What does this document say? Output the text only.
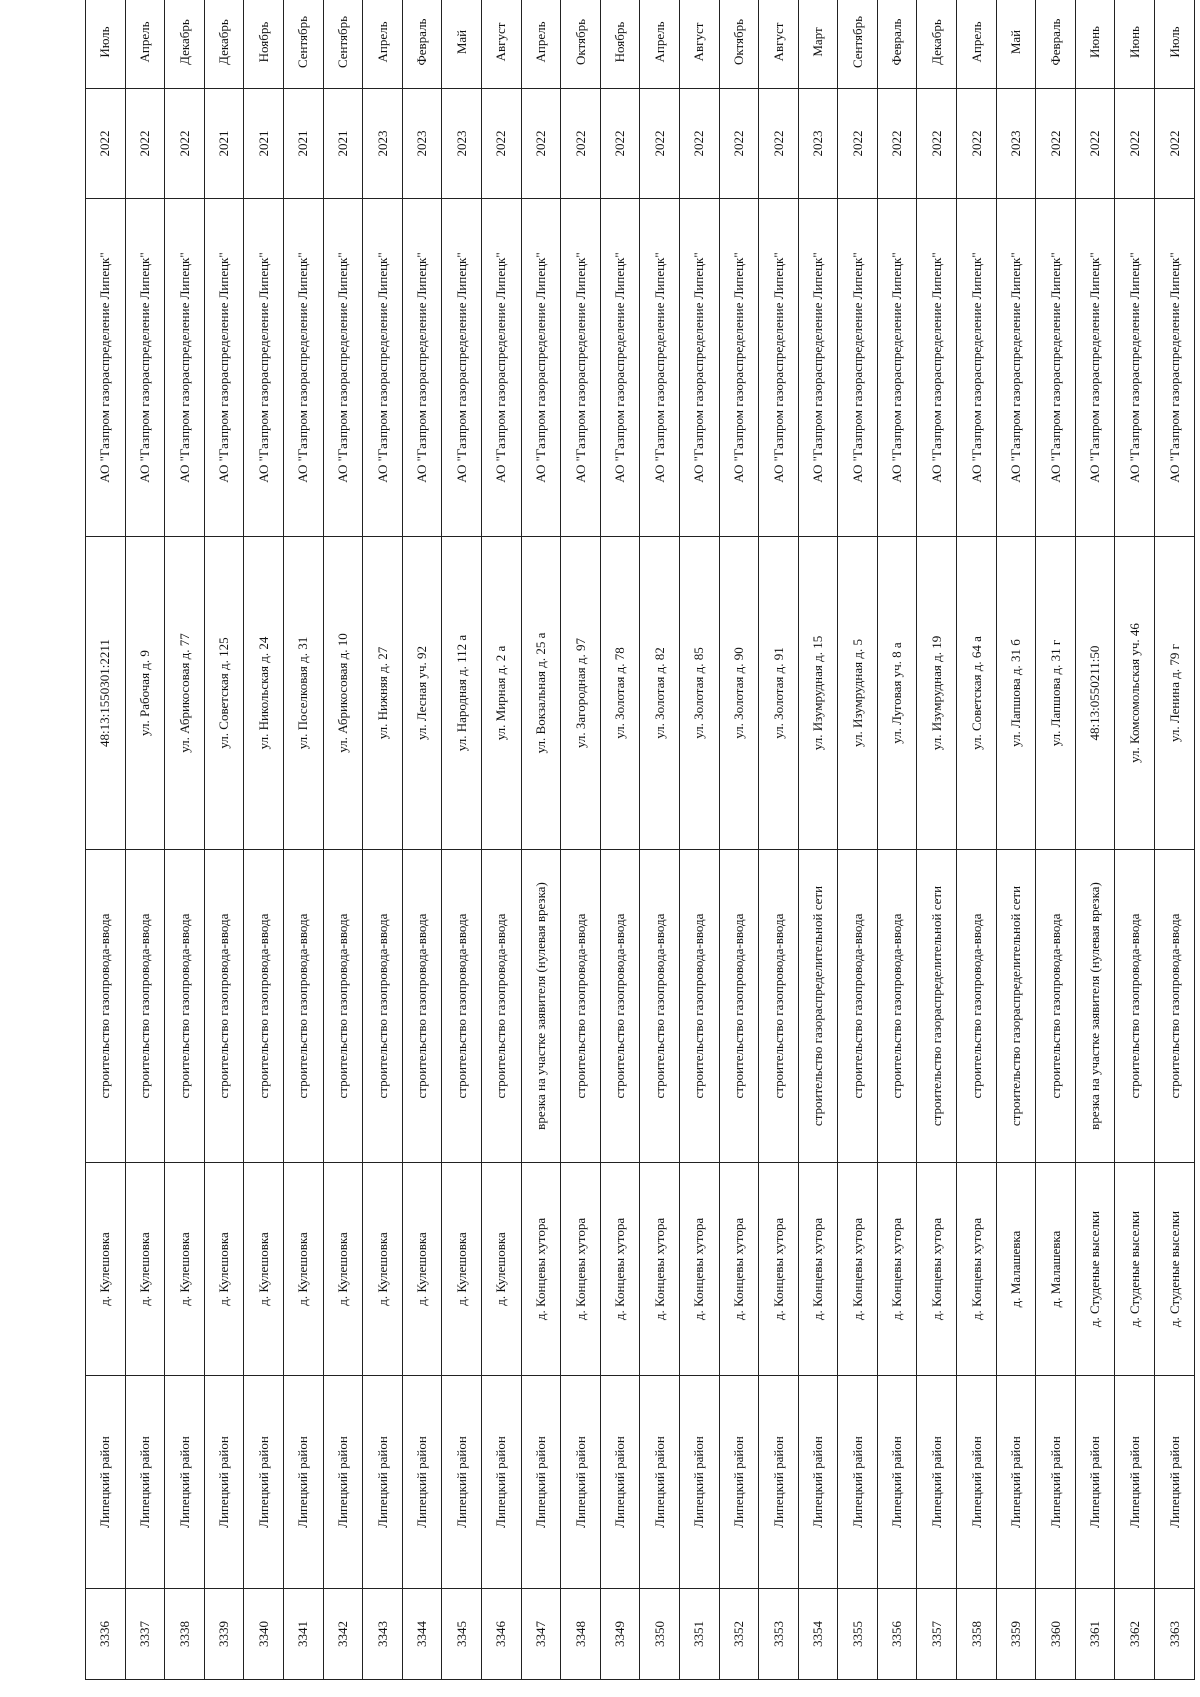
3336	Липецкий район	д. Кулешовка	строительство газопровода-ввода	48:13:1550301:2211	АО "Газпром газораспределение Липецк"	2022	Июль
3337	Липецкий район	д. Кулешовка	строительство газопровода-ввода	ул. Рабочая д. 9	АО "Газпром газораспределение Липецк"	2022	Апрель
3338	Липецкий район	д. Кулешовка	строительство газопровода-ввода	ул. Абрикосовая д. 77	АО "Газпром газораспределение Липецк"	2022	Декабрь
3339	Липецкий район	д. Кулешовка	строительство газопровода-ввода	ул. Советская д. 125	АО "Газпром газораспределение Липецк"	2021	Декабрь
3340	Липецкий район	д. Кулешовка	строительство газопровода-ввода	ул. Никольская д. 24	АО "Газпром газораспределение Липецк"	2021	Ноябрь
3341	Липецкий район	д. Кулешовка	строительство газопровода-ввода	ул. Поселковая д. 31	АО "Газпром газораспределение Липецк"	2021	Сентябрь
3342	Липецкий район	д. Кулешовка	строительство газопровода-ввода	ул. Абрикосовая д. 10	АО "Газпром газораспределение Липецк"	2021	Сентябрь
3343	Липецкий район	д. Кулешовка	строительство газопровода-ввода	ул. Нижняя д. 27	АО "Газпром газораспределение Липецк"	2023	Апрель
3344	Липецкий район	д. Кулешовка	строительство газопровода-ввода	ул. Лесная уч. 92	АО "Газпром газораспределение Липецк"	2023	Февраль
3345	Липецкий район	д. Кулешовка	строительство газопровода-ввода	ул. Народная д. 112 а	АО "Газпром газораспределение Липецк"	2023	Май
3346	Липецкий район	д. Кулешовка	строительство газопровода-ввода	ул. Мирная д. 2 а	АО "Газпром газораспределение Липецк"	2022	Август
3347	Липецкий район	д. Концевы хутора	врезка на участке заявителя (нулевая врезка)	ул. Вокзальная д. 25 а	АО "Газпром газораспределение Липецк"	2022	Апрель
3348	Липецкий район	д. Концевы хутора	строительство газопровода-ввода	ул. Загородная д. 97	АО "Газпром газораспределение Липецк"	2022	Октябрь
3349	Липецкий район	д. Концевы хутора	строительство газопровода-ввода	ул. Золотая д. 78	АО "Газпром газораспределение Липецк"	2022	Ноябрь
3350	Липецкий район	д. Концевы хутора	строительство газопровода-ввода	ул. Золотая д. 82	АО "Газпром газораспределение Липецк"	2022	Апрель
3351	Липецкий район	д. Концевы хутора	строительство газопровода-ввода	ул. Золотая д. 85	АО "Газпром газораспределение Липецк"	2022	Август
3352	Липецкий район	д. Концевы хутора	строительство газопровода-ввода	ул. Золотая д. 90	АО "Газпром газораспределение Липецк"	2022	Октябрь
3353	Липецкий район	д. Концевы хутора	строительство газопровода-ввода	ул. Золотая д. 91	АО "Газпром газораспределение Липецк"	2022	Август
3354	Липецкий район	д. Концевы хутора	строительство газораспределительной сети	ул. Изумрудная д. 15	АО "Газпром газораспределение Липецк"	2023	Март
3355	Липецкий район	д. Концевы хутора	строительство газопровода-ввода	ул. Изумрудная д. 5	АО "Газпром газораспределение Липецк"	2022	Сентябрь
3356	Липецкий район	д. Концевы хутора	строительство газопровода-ввода	ул. Луговая уч. 8 а	АО "Газпром газораспределение Липецк"	2022	Февраль
3357	Липецкий район	д. Концевы хутора	строительство газораспределительной сети	ул. Изумрудная д. 19	АО "Газпром газораспределение Липецк"	2022	Декабрь
3358	Липецкий район	д. Концевы хутора	строительство газопровода-ввода	ул. Советская д. 64 а	АО "Газпром газораспределение Липецк"	2022	Апрель
3359	Липецкий район	д. Малашевка	строительство газораспределительной сети	ул. Лапшова д. 31 б	АО "Газпром газораспределение Липецк"	2023	Май
3360	Липецкий район	д. Малашевка	строительство газопровода-ввода	ул. Лапшова д. 31 г	АО "Газпром газораспределение Липецк"	2022	Февраль
3361	Липецкий район	д. Студеные выселки	врезка на участке заявителя (нулевая врезка)	48:13:0550211:50	АО "Газпром газораспределение Липецк"	2022	Июнь
3362	Липецкий район	д. Студеные выселки	строительство газопровода-ввода	ул. Комсомольская уч. 46	АО "Газпром газораспределение Липецк"	2022	Июнь
3363	Липецкий район	д. Студеные выселки	строительство газопровода-ввода	ул. Ленина д. 79 г	АО "Газпром газораспределение Липецк"	2022	Июль
